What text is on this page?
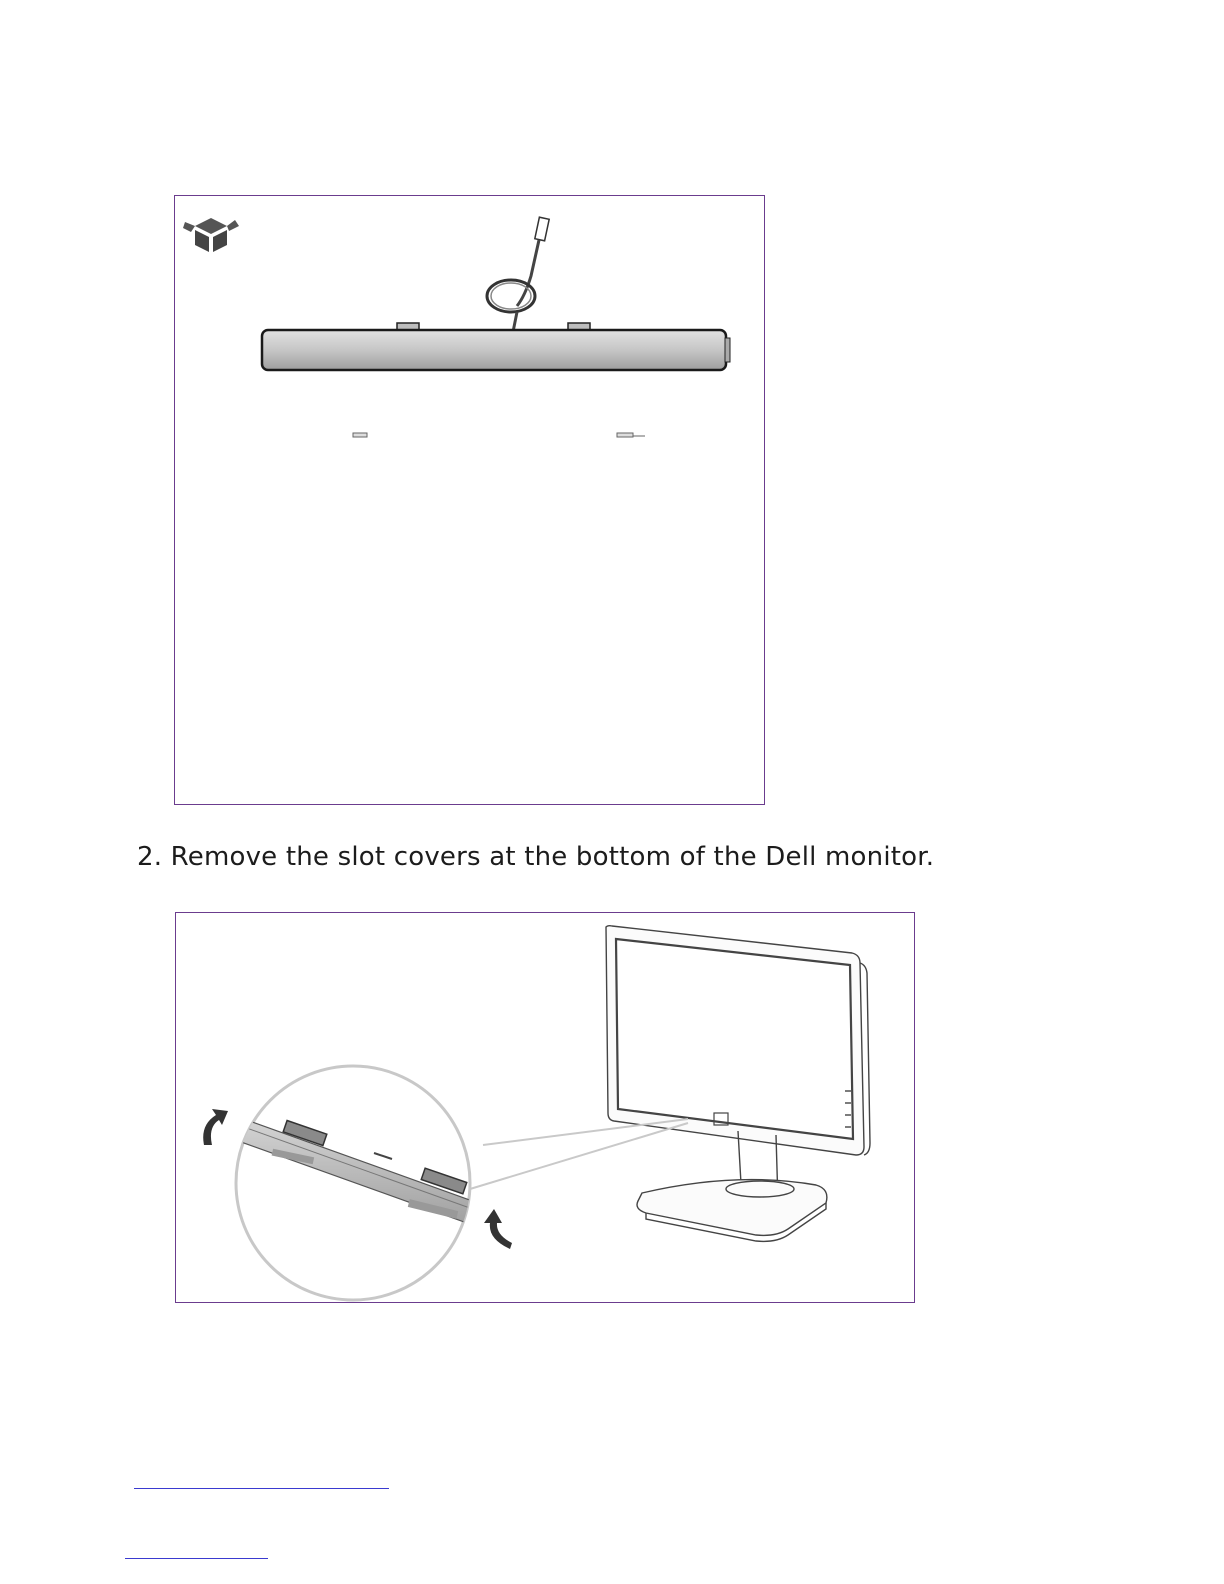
2. Remove the slot covers at the bottom of the Dell monitor.
